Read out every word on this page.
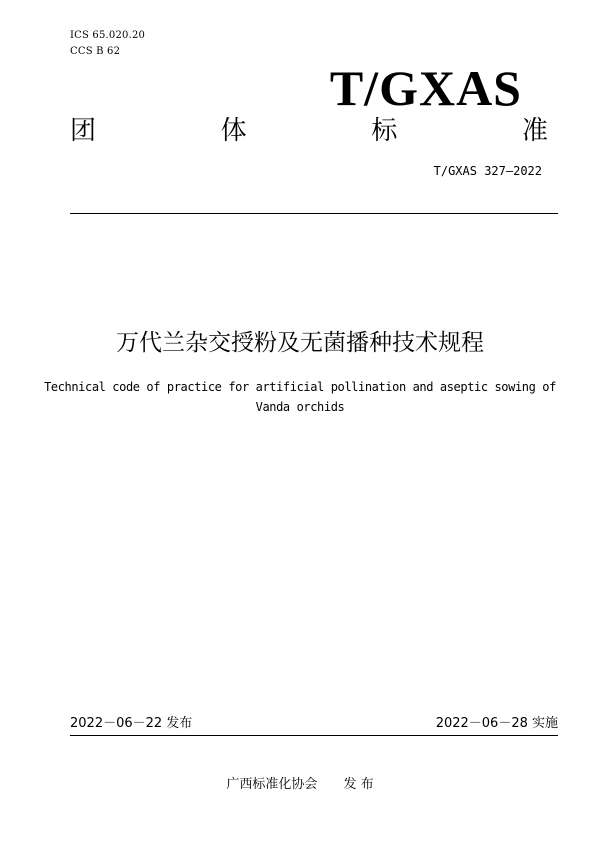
ICS 65.020.20
CCS B 62
T/GXAS
团	体	标	准
T/GXAS 327—2022
万代兰杂交授粉及无菌播种技术规程
Technical code of practice for artificial pollination and aseptic sowing of Vanda orchids
2022－06－22 发布	2022－06－28 实施
广西标准化协会 发 布
